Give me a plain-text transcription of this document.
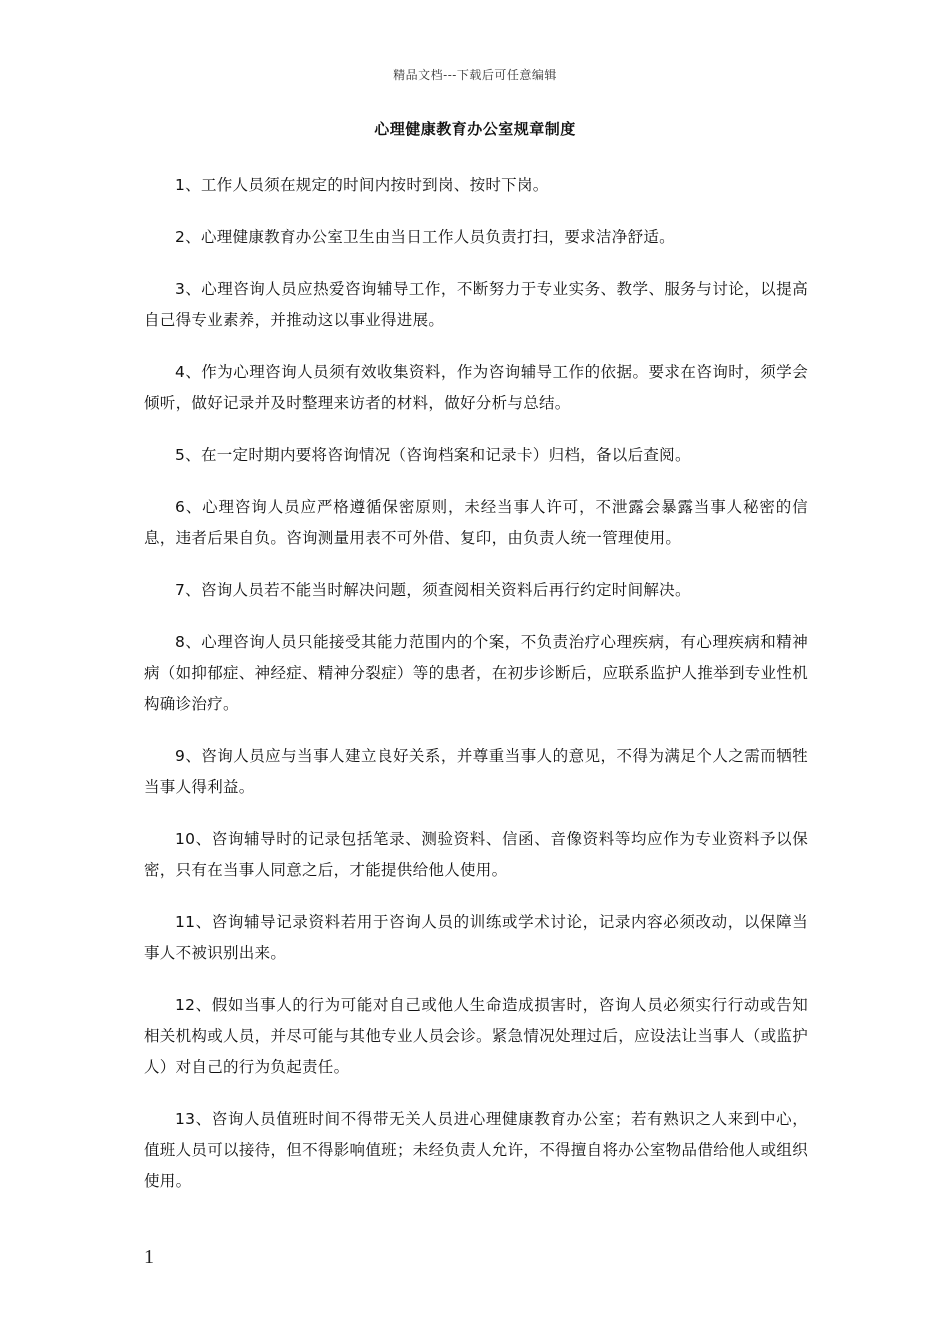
精品文档---下载后可任意编辑
心理健康教育办公室规章制度

1、工作人员须在规定的时间内按时到岗、按时下岗。

2、心理健康教育办公室卫生由当日工作人员负责打扫，要求洁净舒适。

3、心理咨询人员应热爱咨询辅导工作，不断努力于专业实务、教学、服务与讨论，以提高自己得专业素养，并推动这以事业得进展。

4、作为心理咨询人员须有效收集资料，作为咨询辅导工作的依据。要求在咨询时，须学会倾听，做好记录并及时整理来访者的材料，做好分析与总结。

5、在一定时期内要将咨询情况（咨询档案和记录卡）归档，备以后查阅。

6、心理咨询人员应严格遵循保密原则，未经当事人许可，不泄露会暴露当事人秘密的信息，违者后果自负。咨询测量用表不可外借、复印，由负责人统一管理使用。

7、咨询人员若不能当时解决问题，须查阅相关资料后再行约定时间解决。

8、心理咨询人员只能接受其能力范围内的个案，不负责治疗心理疾病，有心理疾病和精神病（如抑郁症、神经症、精神分裂症）等的患者，在初步诊断后，应联系监护人推举到专业性机构确诊治疗。

9、咨询人员应与当事人建立良好关系，并尊重当事人的意见，不得为满足个人之需而牺牲当事人得利益。

10、咨询辅导时的记录包括笔录、测验资料、信函、音像资料等均应作为专业资料予以保密，只有在当事人同意之后，才能提供给他人使用。

11、咨询辅导记录资料若用于咨询人员的训练或学术讨论，记录内容必须改动，以保障当事人不被识别出来。

12、假如当事人的行为可能对自己或他人生命造成损害时，咨询人员必须实行行动或告知相关机构或人员，并尽可能与其他专业人员会诊。紧急情况处理过后，应设法让当事人（或监护人）对自己的行为负起责任。

13、咨询人员值班时间不得带无关人员进心理健康教育办公室；若有熟识之人来到中心，值班人员可以接待，但不得影响值班；未经负责人允许，不得擅自将办公室物品借给他人或组织使用。

1
